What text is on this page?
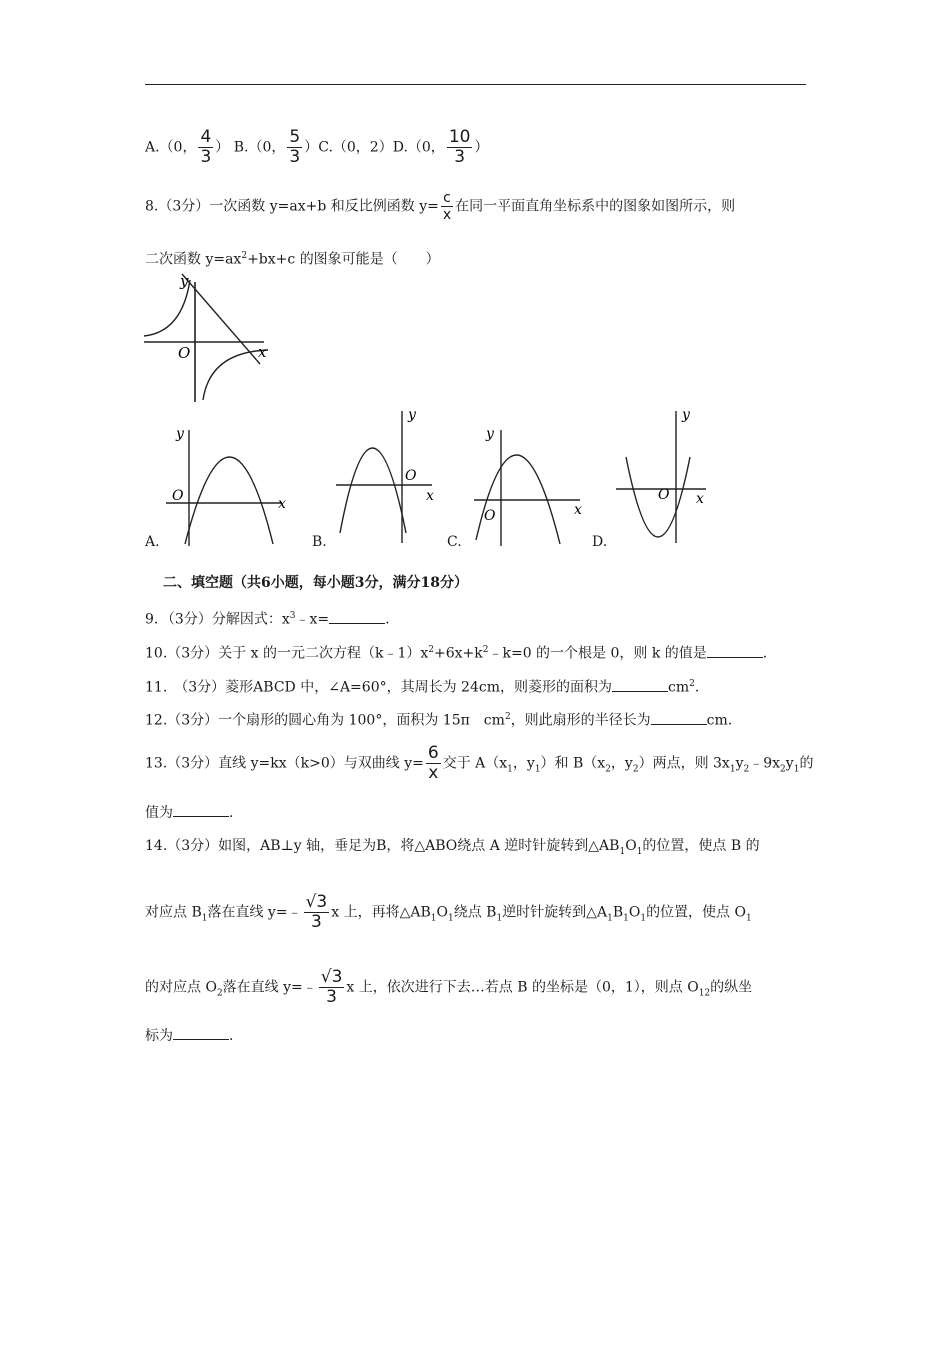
A.（0， $\frac{4}{3}$ ） B.（0， $\frac{5}{3} )C.(0$，2）D.（0， $\frac{10}{3}$ ）
8.（3分）一次函数 y=ax+b 和反比例函数 $y= \frac{c}{x}$ 在同一平面直角坐标系中的图象如图所示，则
二次函数 $y=ax^2+bx+c$ 的图象可能是（　　）
y
x
O
y
x
O
y
x
O
y
x
O
y
x
O
A.	B.	C.	D.
二、填空题（共6小题，每小题3分，满分18分）
9．（3分）分解因式：$x^3﹣x=$	.
10.（3分）关于 x 的一元二次方程$(k﹣1)x^2+6x+k^2﹣k=0$ 的一个根是 0，则 k 的值是	.
11.　（3分）菱形ABCD 中，∠A=60°，其周长为 24cm，则菱形的面积为	$cm^2$.
12.（3分）一个扇形的圆心角为 100°，面积为 15π　$cm^2$，则此扇形的半径长为	cm.
13.（3分）直线 y=kx（k>0）与双曲线 $y= \frac{6}{x}$ 交于 $A(x_1$，$y_1$）和 $B(x_2$，$y_2$）两点，则 $3x_1y_2﹣9x_2y_1$的
值为	.
14.（3分）如图，AB⊥y 轴，垂足为B，将△ABO绕点 A 逆时针旋转到$\triangle AB_1O_1$的位置，使点 B 的
对应点 $B_1$落在直线 y=﹣ $\frac{√3}{3}$ x 上，再将$\triangle AB_1O_1$绕点 $B_1$逆时针旋转到$\triangle A_1B_1O_1$的位置，使点 $O_1$
的对应点 $O_2$落在直线 y=﹣ $\frac{√3}{3}$ x 上，依次进行下去…若点 B 的坐标是（0，1），则点 $O_{12}$的纵坐
标为	.
